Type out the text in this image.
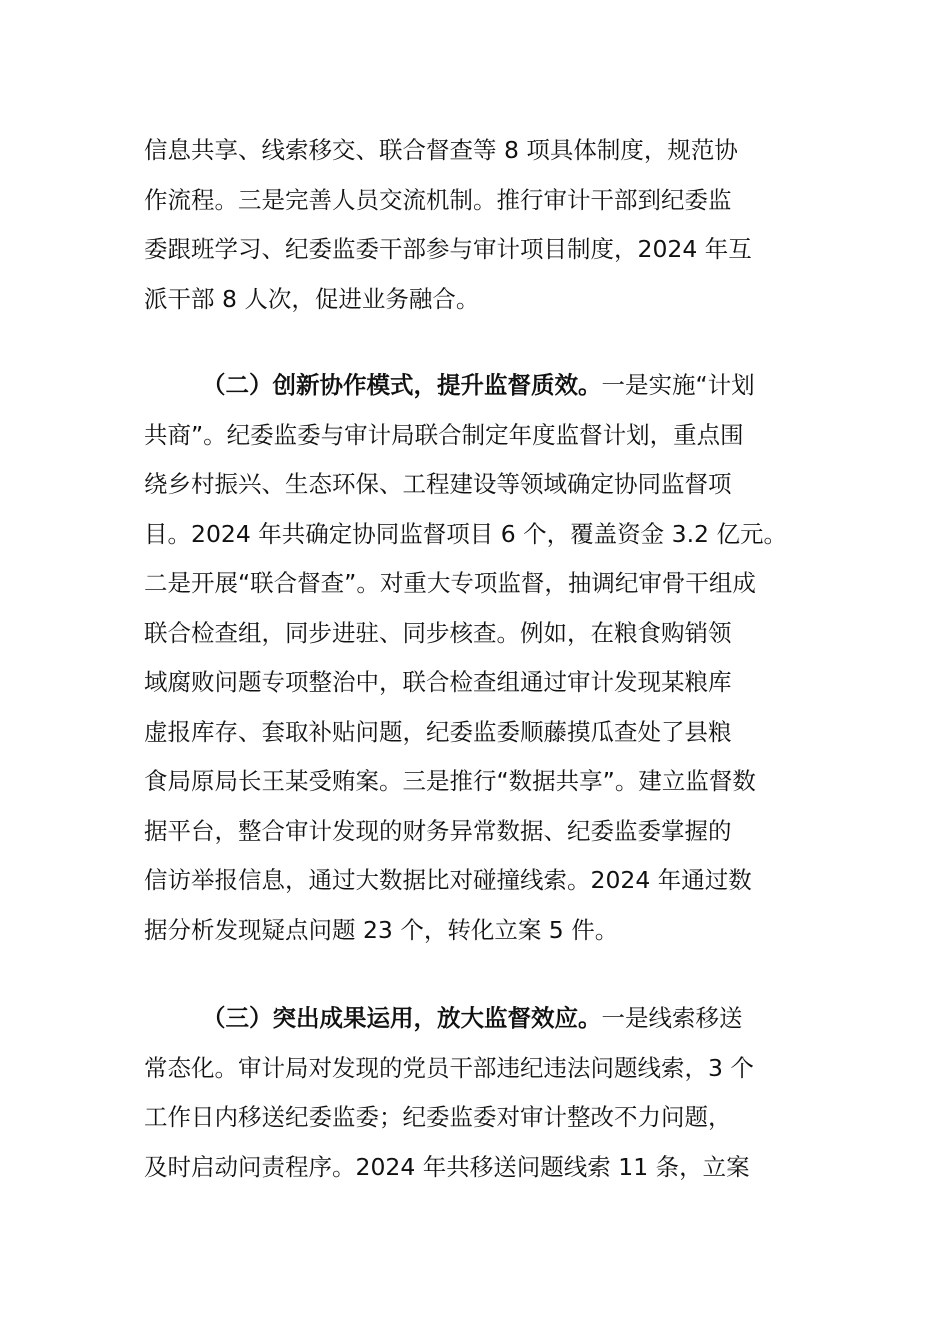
信息共享、线索移交、联合督查等 8 项具体制度，规范协
作流程。三是完善人员交流机制。推行审计干部到纪委监
委跟班学习、纪委监委干部参与审计项目制度，2024 年互
派干部 8 人次，促进业务融合。
（二）创新协作模式，提升监督质效。一是实施“计划
共商”。纪委监委与审计局联合制定年度监督计划，重点围
绕乡村振兴、生态环保、工程建设等领域确定协同监督项
目。2024 年共确定协同监督项目 6 个，覆盖资金 3.2 亿元。
二是开展“联合督查”。对重大专项监督，抽调纪审骨干组成
联合检查组，同步进驻、同步核查。例如，在粮食购销领
域腐败问题专项整治中，联合检查组通过审计发现某粮库
虚报库存、套取补贴问题，纪委监委顺藤摸瓜查处了县粮
食局原局长王某受贿案。三是推行“数据共享”。建立监督数
据平台，整合审计发现的财务异常数据、纪委监委掌握的
信访举报信息，通过大数据比对碰撞线索。2024 年通过数
据分析发现疑点问题 23 个，转化立案 5 件。
（三）突出成果运用，放大监督效应。一是线索移送
常态化。审计局对发现的党员干部违纪违法问题线索，3 个
工作日内移送纪委监委；纪委监委对审计整改不力问题，
及时启动问责程序。2024 年共移送问题线索 11 条，立案
